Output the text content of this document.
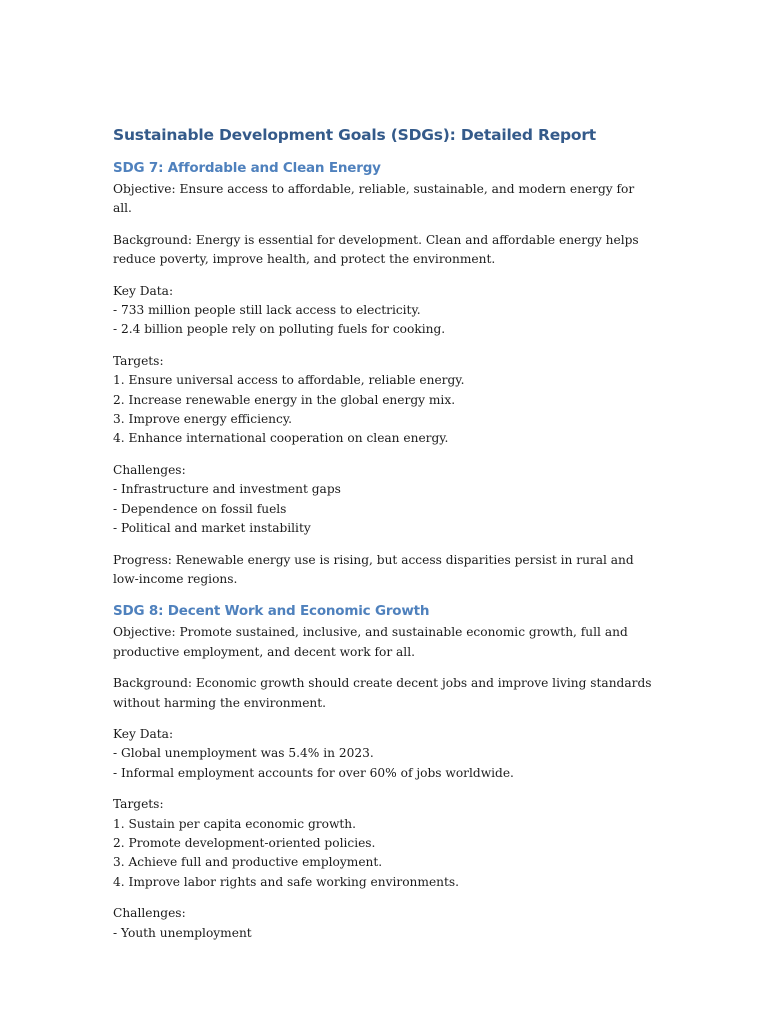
Sustainable Development Goals (SDGs): Detailed Report
SDG 7: Affordable and Clean Energy

Objective: Ensure access to affordable, reliable, sustainable, and modern energy for all.

Background: Energy is essential for development. Clean and affordable energy helps reduce poverty, improve health, and protect the environment.

Key Data:
- 733 million people still lack access to electricity.
- 2.4 billion people rely on polluting fuels for cooking.

Targets:
1. Ensure universal access to affordable, reliable energy.
2. Increase renewable energy in the global energy mix.
3. Improve energy efficiency.
4. Enhance international cooperation on clean energy.

Challenges:
- Infrastructure and investment gaps
- Dependence on fossil fuels
- Political and market instability

Progress: Renewable energy use is rising, but access disparities persist in rural and low-income regions.

SDG 8: Decent Work and Economic Growth

Objective: Promote sustained, inclusive, and sustainable economic growth, full and productive employment, and decent work for all.

Background: Economic growth should create decent jobs and improve living standards without harming the environment.

Key Data:
- Global unemployment was 5.4% in 2023.
- Informal employment accounts for over 60% of jobs worldwide.

Targets:
1. Sustain per capita economic growth.
2. Promote development-oriented policies.
3. Achieve full and productive employment.
4. Improve labor rights and safe working environments.

Challenges:
- Youth unemployment
